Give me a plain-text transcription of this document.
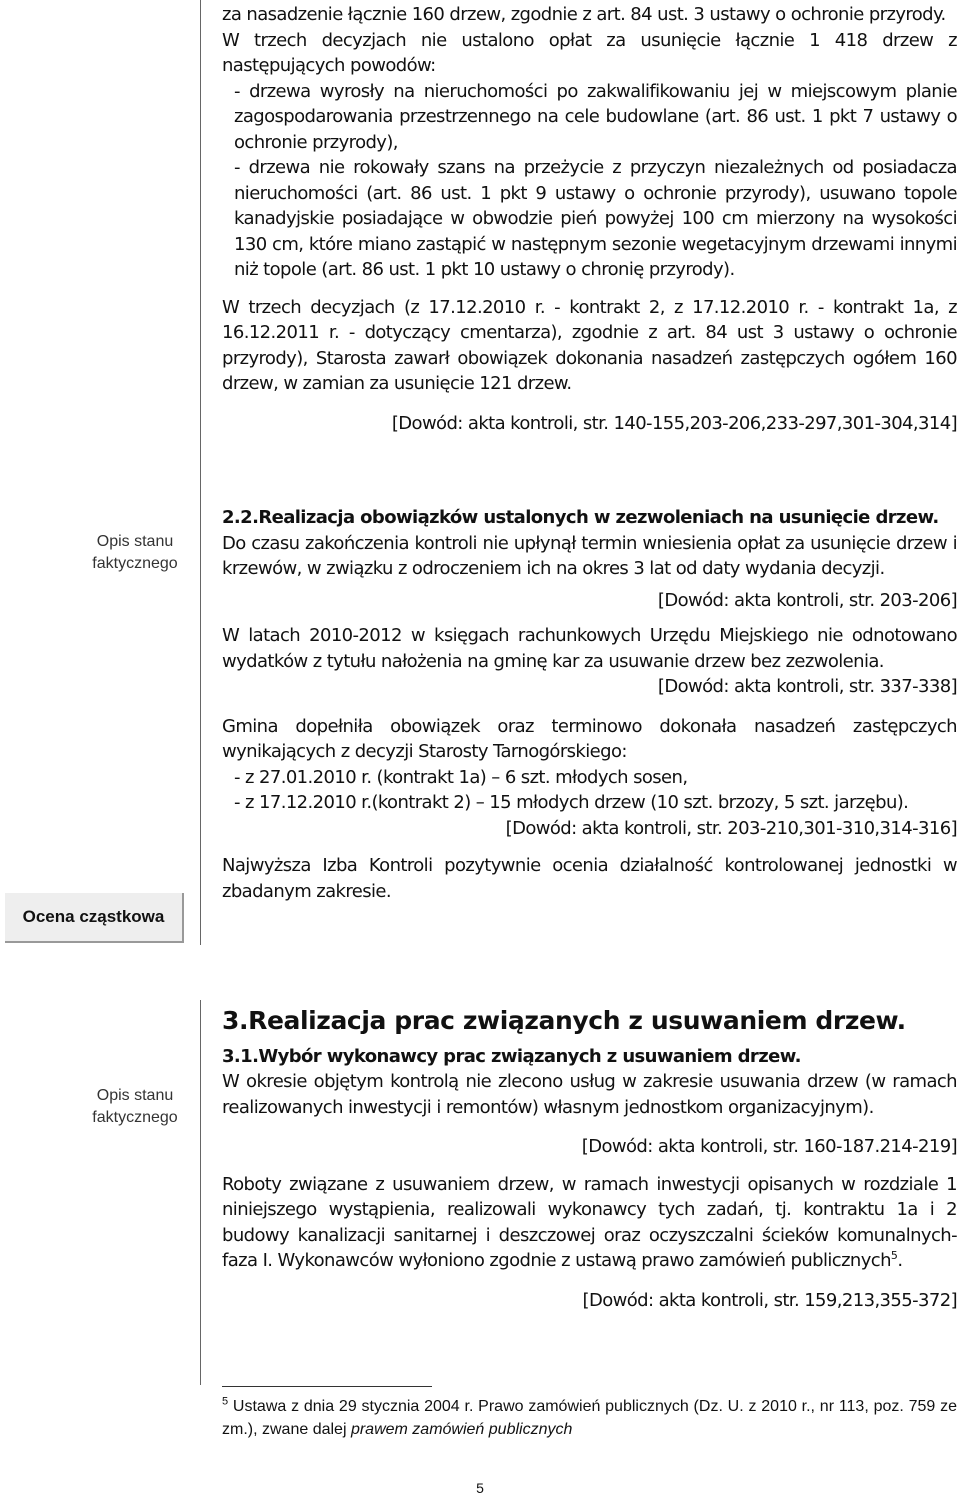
Opis stanu faktycznego
Ocena cząstkowa
Opis stanu faktycznego

za nasadzenie łącznie 160 drzew, zgodnie z art. 84 ust. 3 ustawy o ochronie przyrody.

W trzech decyzjach nie ustalono opłat za usunięcie łącznie 1 418 drzew z następujących powodów:

- drzewa wyrosły na nieruchomości po zakwalifikowaniu jej w miejscowym planie zagospodarowania przestrzennego na cele budowlane (art. 86 ust. 1 pkt 7 ustawy o ochronie przyrody),

- drzewa nie rokowały szans na przeżycie z przyczyn niezależnych od posiadacza nieruchomości (art. 86 ust. 1 pkt 9 ustawy o ochronie przyrody), usuwano topole kanadyjskie posiadające w obwodzie pień powyżej 100 cm mierzony na wysokości 130 cm, które miano zastąpić w następnym sezonie wegetacyjnym drzewami innymi niż topole (art. 86 ust. 1 pkt 10 ustawy o chronię przyrody).

W trzech decyzjach (z 17.12.2010 r. - kontrakt 2, z 17.12.2010 r. - kontrakt 1a, z 16.12.2011 r. - dotyczący cmentarza), zgodnie z art. 84 ust 3 ustawy o ochronie przyrody), Starosta zawarł obowiązek dokonania nasadzeń zastępczych ogółem 160 drzew, w zamian za usunięcie 121 drzew.

[Dowód: akta kontroli, str. 140-155,203-206,233-297,301-304,314]

2.2.Realizacja obowiązków ustalonych w zezwoleniach na usunięcie drzew.

Do czasu zakończenia kontroli nie upłynął termin wniesienia opłat za usunięcie drzew i krzewów, w związku z odroczeniem ich na okres 3 lat od daty wydania decyzji.

[Dowód: akta kontroli, str. 203-206]

W latach 2010-2012 w księgach rachunkowych Urzędu Miejskiego nie odnotowano wydatków z tytułu nałożenia na gminę kar za usuwanie drzew bez zezwolenia.

[Dowód: akta kontroli, str. 337-338]

Gmina dopełniła obowiązek oraz terminowo dokonała nasadzeń zastępczych wynikających z decyzji Starosty Tarnogórskiego:

- z 27.01.2010 r. (kontrakt 1a) – 6 szt. młodych sosen,

- z 17.12.2010 r.(kontrakt 2) – 15 młodych drzew (10 szt. brzozy, 5 szt. jarzębu).

[Dowód: akta kontroli, str. 203-210,301-310,314-316]

Najwyższa Izba Kontroli pozytywnie ocenia działalność kontrolowanej jednostki w zbadanym zakresie.

3.Realizacja prac związanych z usuwaniem drzew.

3.1.Wybór wykonawcy prac związanych z usuwaniem drzew.

W okresie objętym kontrolą nie zlecono usług w zakresie usuwania drzew (w ramach realizowanych inwestycji i remontów) własnym jednostkom organizacyjnym).

[Dowód: akta kontroli, str. 160-187.214-219]

Roboty związane z usuwaniem drzew, w ramach inwestycji opisanych w rozdziale 1 niniejszego wystąpienia, realizowali wykonawcy tych zadań, tj. kontraktu 1a i 2 budowy kanalizacji sanitarnej i deszczowej oraz oczyszczalni ścieków komunalnych-faza I. Wykonawców wyłoniono zgodnie z ustawą prawo zamówień publicznych$^5$.

[Dowód: akta kontroli, str. 159,213,355-372]

$^5$ Ustawa z dnia 29 stycznia 2004 r. Prawo zamówień publicznych (Dz. U. z 2010 r., nr 113, poz. 759 ze zm.), zwane dalej prawem zamówień publicznych

5
